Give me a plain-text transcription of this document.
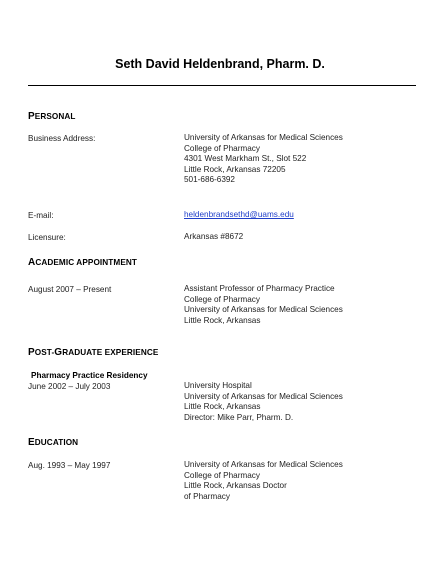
Seth David Heldenbrand, Pharm. D.
PERSONAL
Business Address:	University of Arkansas for Medical Sciences
College of Pharmacy
4301 West Markham St., Slot 522
Little Rock, Arkansas 72205
501-686-6392
E-mail:	heldenbrandsethd@uams.edu
Licensure:	Arkansas #8672
ACADEMIC APPOINTMENT
August 2007 – Present	Assistant Professor of Pharmacy Practice
College of Pharmacy
University of Arkansas for Medical Sciences
Little Rock, Arkansas
POST-GRADUATE EXPERIENCE
Pharmacy Practice Residency
June 2002 – July 2003	University Hospital
University of Arkansas for Medical Sciences
Little Rock, Arkansas
Director: Mike Parr, Pharm. D.
EDUCATION
Aug. 1993 – May 1997	University of Arkansas for Medical Sciences
College of Pharmacy
Little Rock, Arkansas Doctor
of Pharmacy
